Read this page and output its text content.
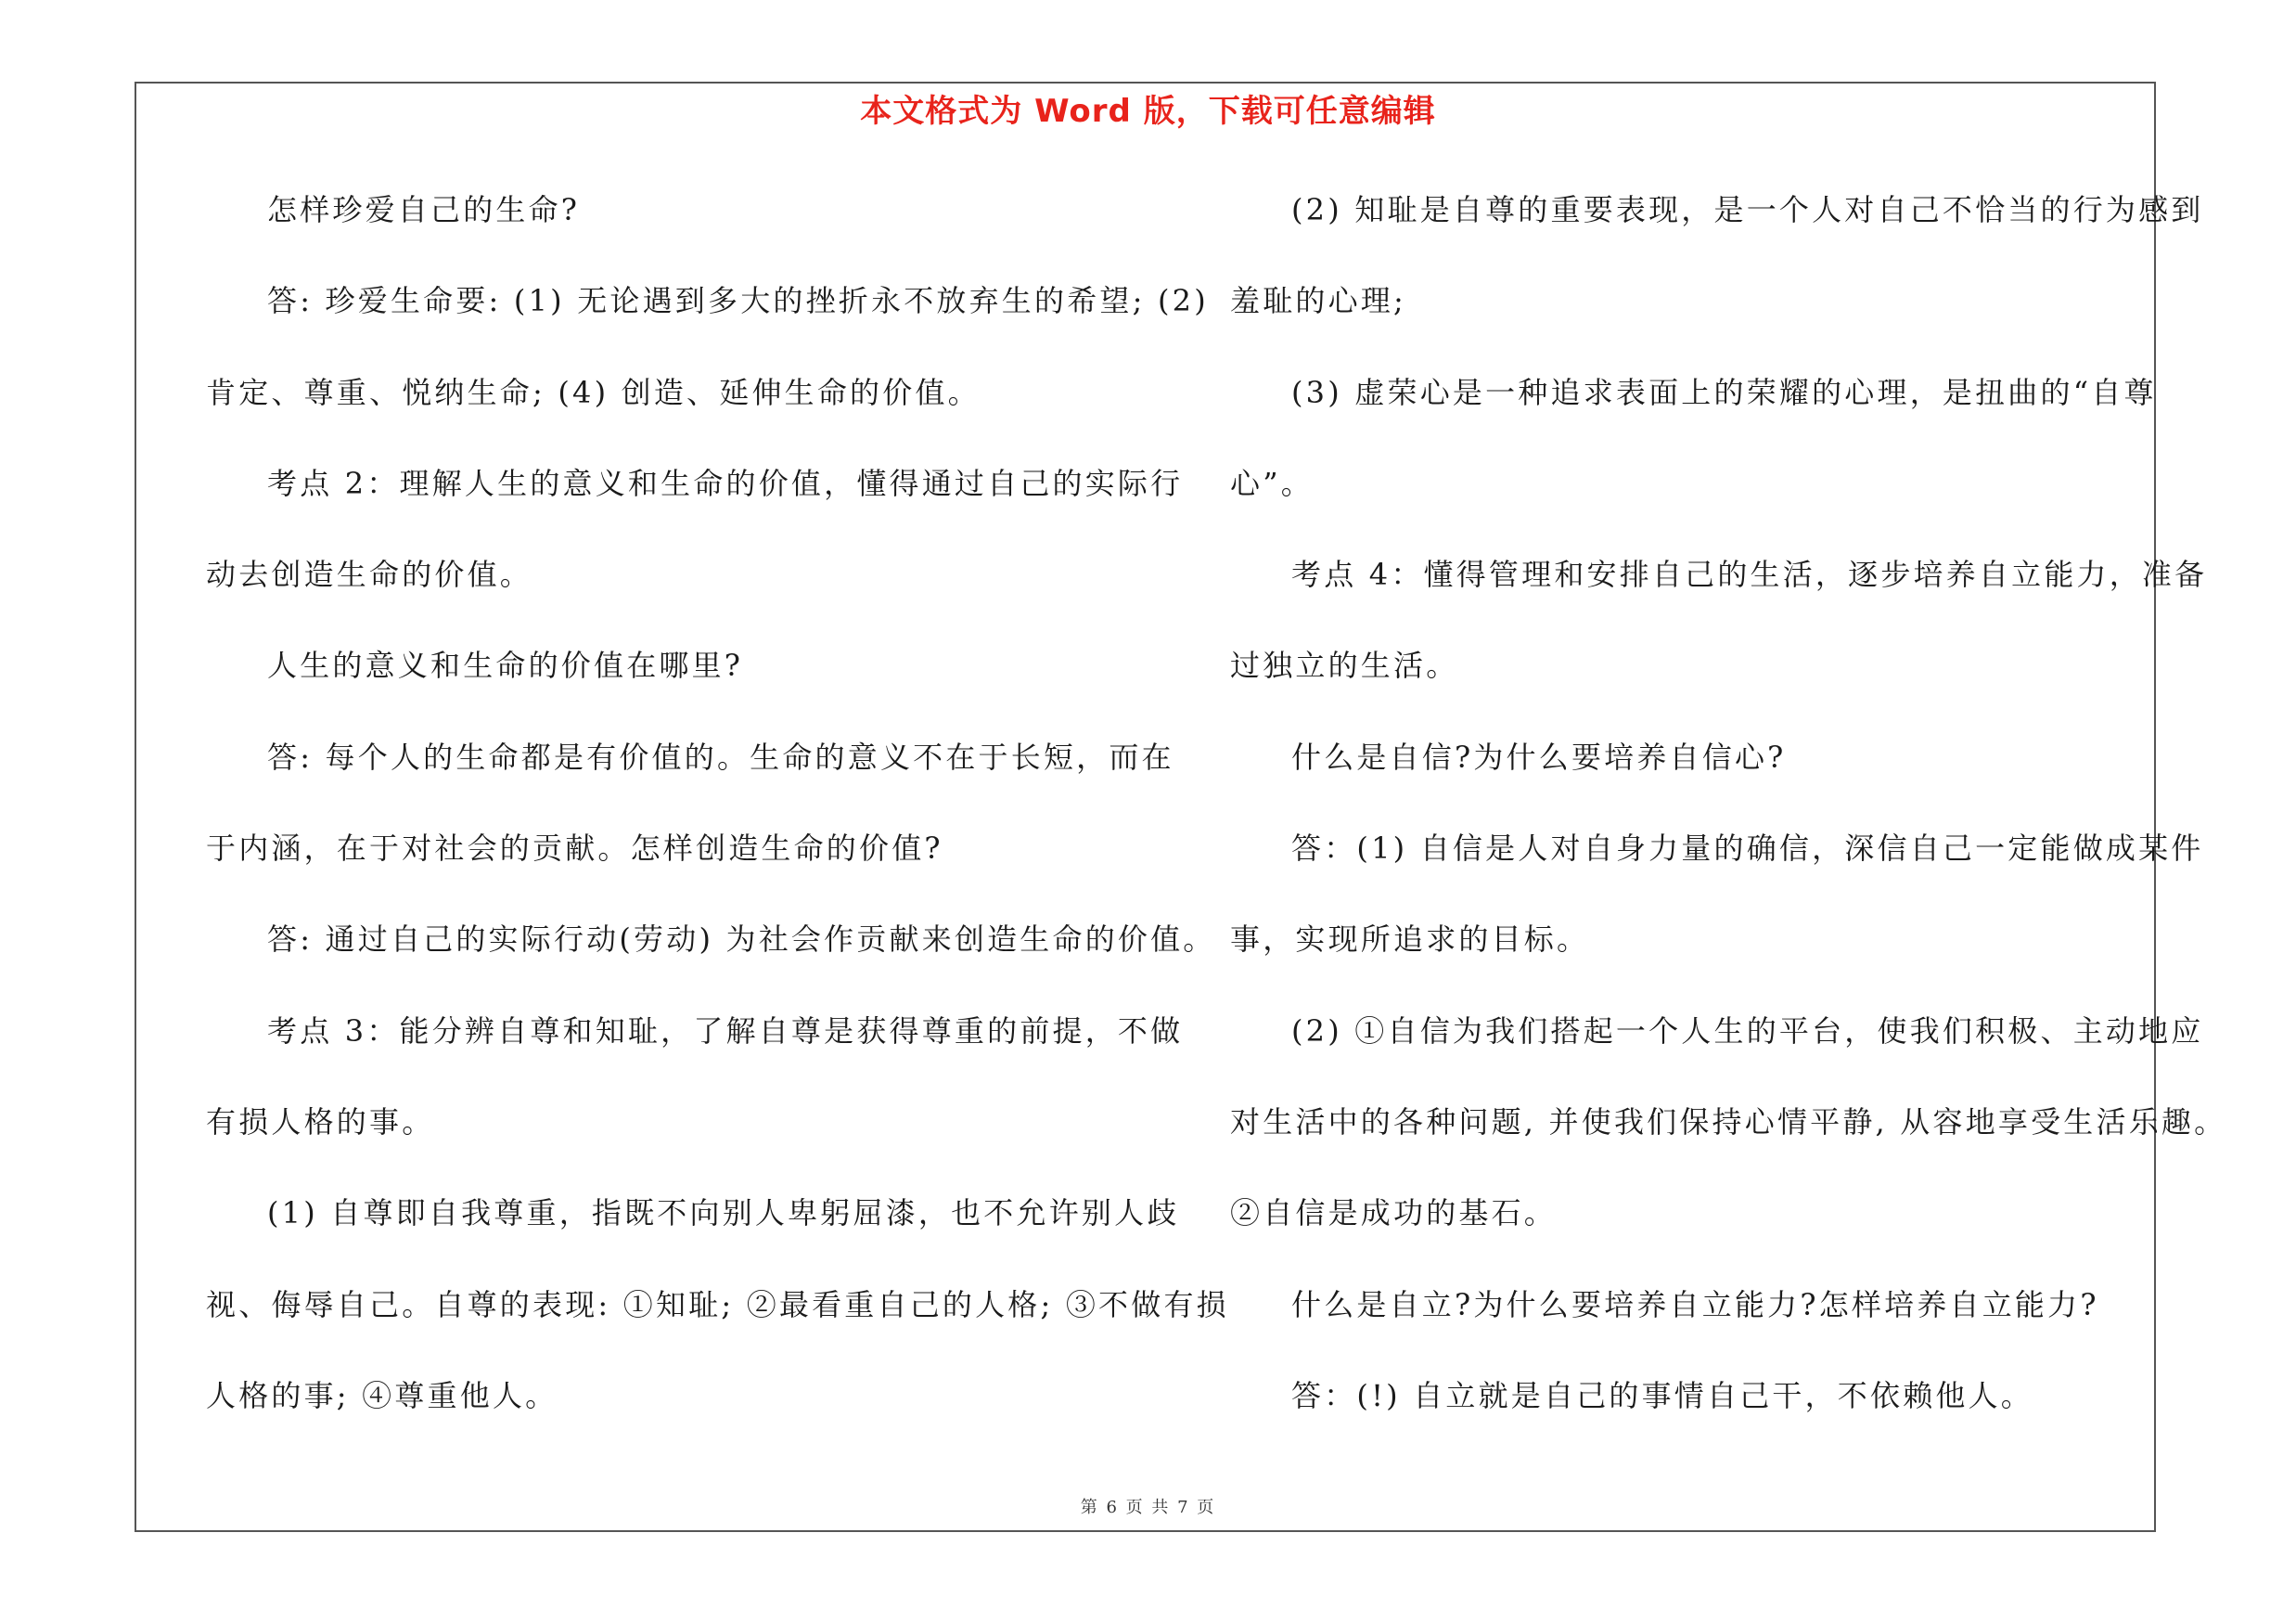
本文格式为 Word 版，下载可任意编辑
怎样珍爱自己的生命?
答: 珍爱生命要: (1) 无论遇到多大的挫折永不放弃生的希望; (2)
肯定、尊重、悦纳生命; (4) 创造、延伸生命的价值。
考点 2：理解人生的意义和生命的价值，懂得通过自己的实际行
动去创造生命的价值。
人生的意义和生命的价值在哪里?
答: 每个人的生命都是有价值的。生命的意义不在于长短，而在
于内涵，在于对社会的贡献。怎样创造生命的价值?
答: 通过自己的实际行动(劳动) 为社会作贡献来创造生命的价值。
考点 3：能分辨自尊和知耻，了解自尊是获得尊重的前提，不做
有损人格的事。
(1) 自尊即自我尊重，指既不向别人卑躬屈漆，也不允许别人歧
视、侮辱自己。自尊的表现: ①知耻; ②最看重自己的人格; ③不做有损
人格的事; ④尊重他人。
(2) 知耻是自尊的重要表现，是一个人对自己不恰当的行为感到
羞耻的心理;
(3) 虚荣心是一种追求表面上的荣耀的心理，是扭曲的“自尊
心”。
考点 4：懂得管理和安排自己的生活，逐步培养自立能力，准备
过独立的生活。
什么是自信?为什么要培养自信心?
答：(1) 自信是人对自身力量的确信，深信自己一定能做成某件
事，实现所追求的目标。
(2) ①自信为我们搭起一个人生的平台，使我们积极、主动地应
对生活中的各种问题, 并使我们保持心情平静, 从容地享受生活乐趣。
②自信是成功的基石。
什么是自立?为什么要培养自立能力?怎样培养自立能力?
答：(!) 自立就是自己的事情自己干，不依赖他人。
第 6 页 共 7 页
